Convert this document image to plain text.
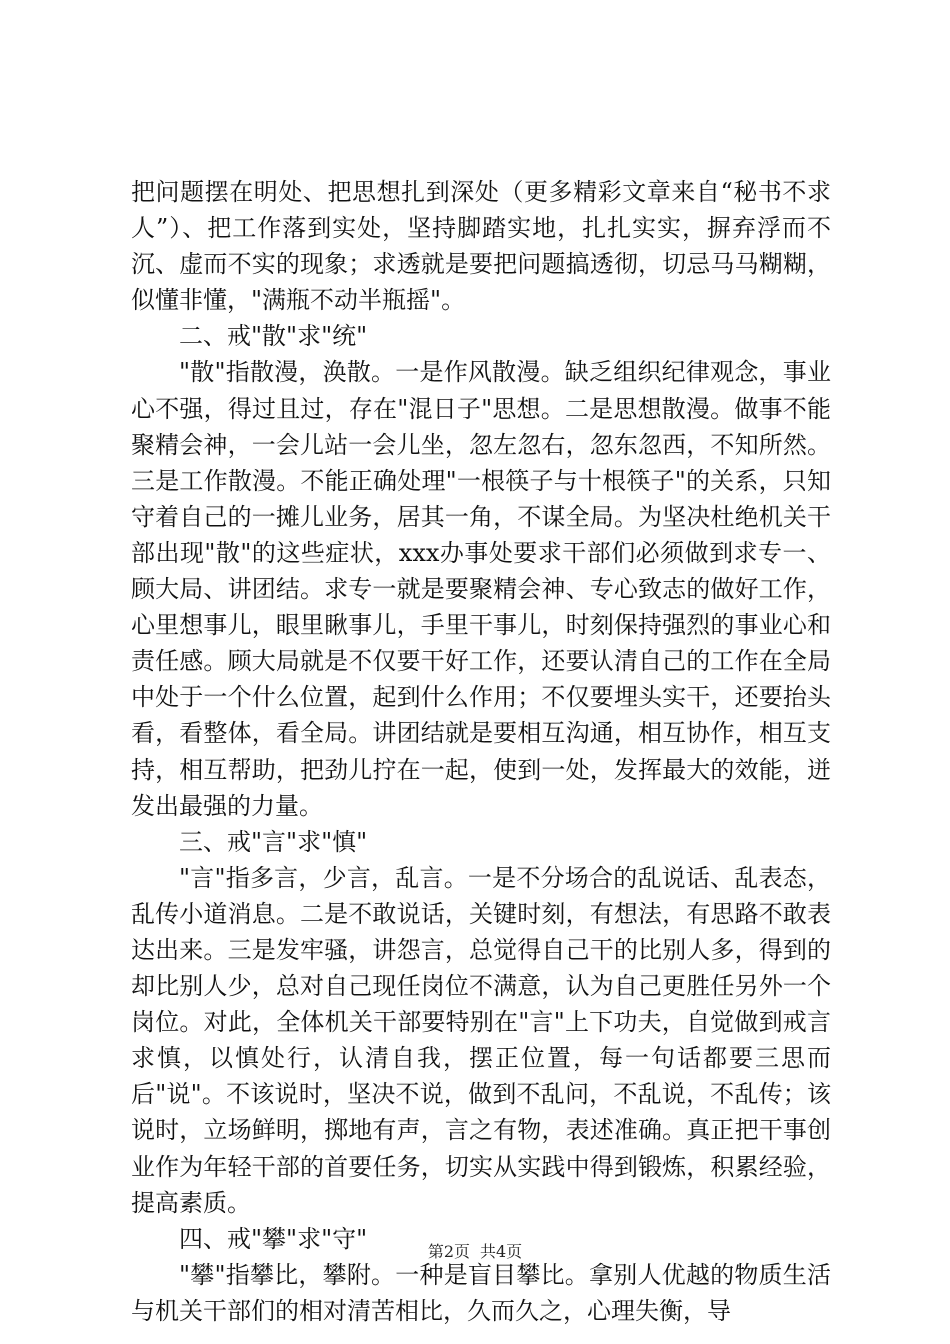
把问题摆在明处、把思想扎到深处（更多精彩文章来自“秘书不求人”）、把工作落到实处，坚持脚踏实地，扎扎实实，摒弃浮而不沉、虚而不实的现象；求透就是要把问题搞透彻，切忌马马糊糊，似懂非懂，"满瓶不动半瓶摇"。

二、戒"散"求"统"

"散"指散漫，涣散。一是作风散漫。缺乏组织纪律观念，事业心不强，得过且过，存在"混日子"思想。二是思想散漫。做事不能聚精会神，一会儿站一会儿坐，忽左忽右，忽东忽西，不知所然。三是工作散漫。不能正确处理"一根筷子与十根筷子"的关系，只知守着自己的一摊儿业务，居其一角，不谋全局。为坚决杜绝机关干部出现"散"的这些症状，xxx办事处要求干部们必须做到求专一、顾大局、讲团结。求专一就是要聚精会神、专心致志的做好工作，心里想事儿，眼里瞅事儿，手里干事儿，时刻保持强烈的事业心和责任感。顾大局就是不仅要干好工作，还要认清自己的工作在全局中处于一个什么位置，起到什么作用；不仅要埋头实干，还要抬头看，看整体，看全局。讲团结就是要相互沟通，相互协作，相互支持，相互帮助，把劲儿拧在一起，使到一处，发挥最大的效能，迸发出最强的力量。

三、戒"言"求"慎"

"言"指多言，少言，乱言。一是不分场合的乱说话、乱表态，乱传小道消息。二是不敢说话，关键时刻，有想法，有思路不敢表达出来。三是发牢骚，讲怨言，总觉得自己干的比别人多，得到的却比别人少，总对自己现任岗位不满意，认为自己更胜任另外一个岗位。对此，全体机关干部要特别在"言"上下功夫，自觉做到戒言求慎，以慎处行，认清自我，摆正位置，每一句话都要三思而后"说"。不该说时，坚决不说，做到不乱问，不乱说，不乱传；该说时，立场鲜明，掷地有声，言之有物，表述准确。真正把干事创业作为年轻干部的首要任务，切实从实践中得到锻炼，积累经验，提高素质。

四、戒"攀"求"守"

"攀"指攀比，攀附。一种是盲目攀比。拿别人优越的物质生活与机关干部们的相对清苦相比，久而久之，心理失衡，导

第2页 共4页
